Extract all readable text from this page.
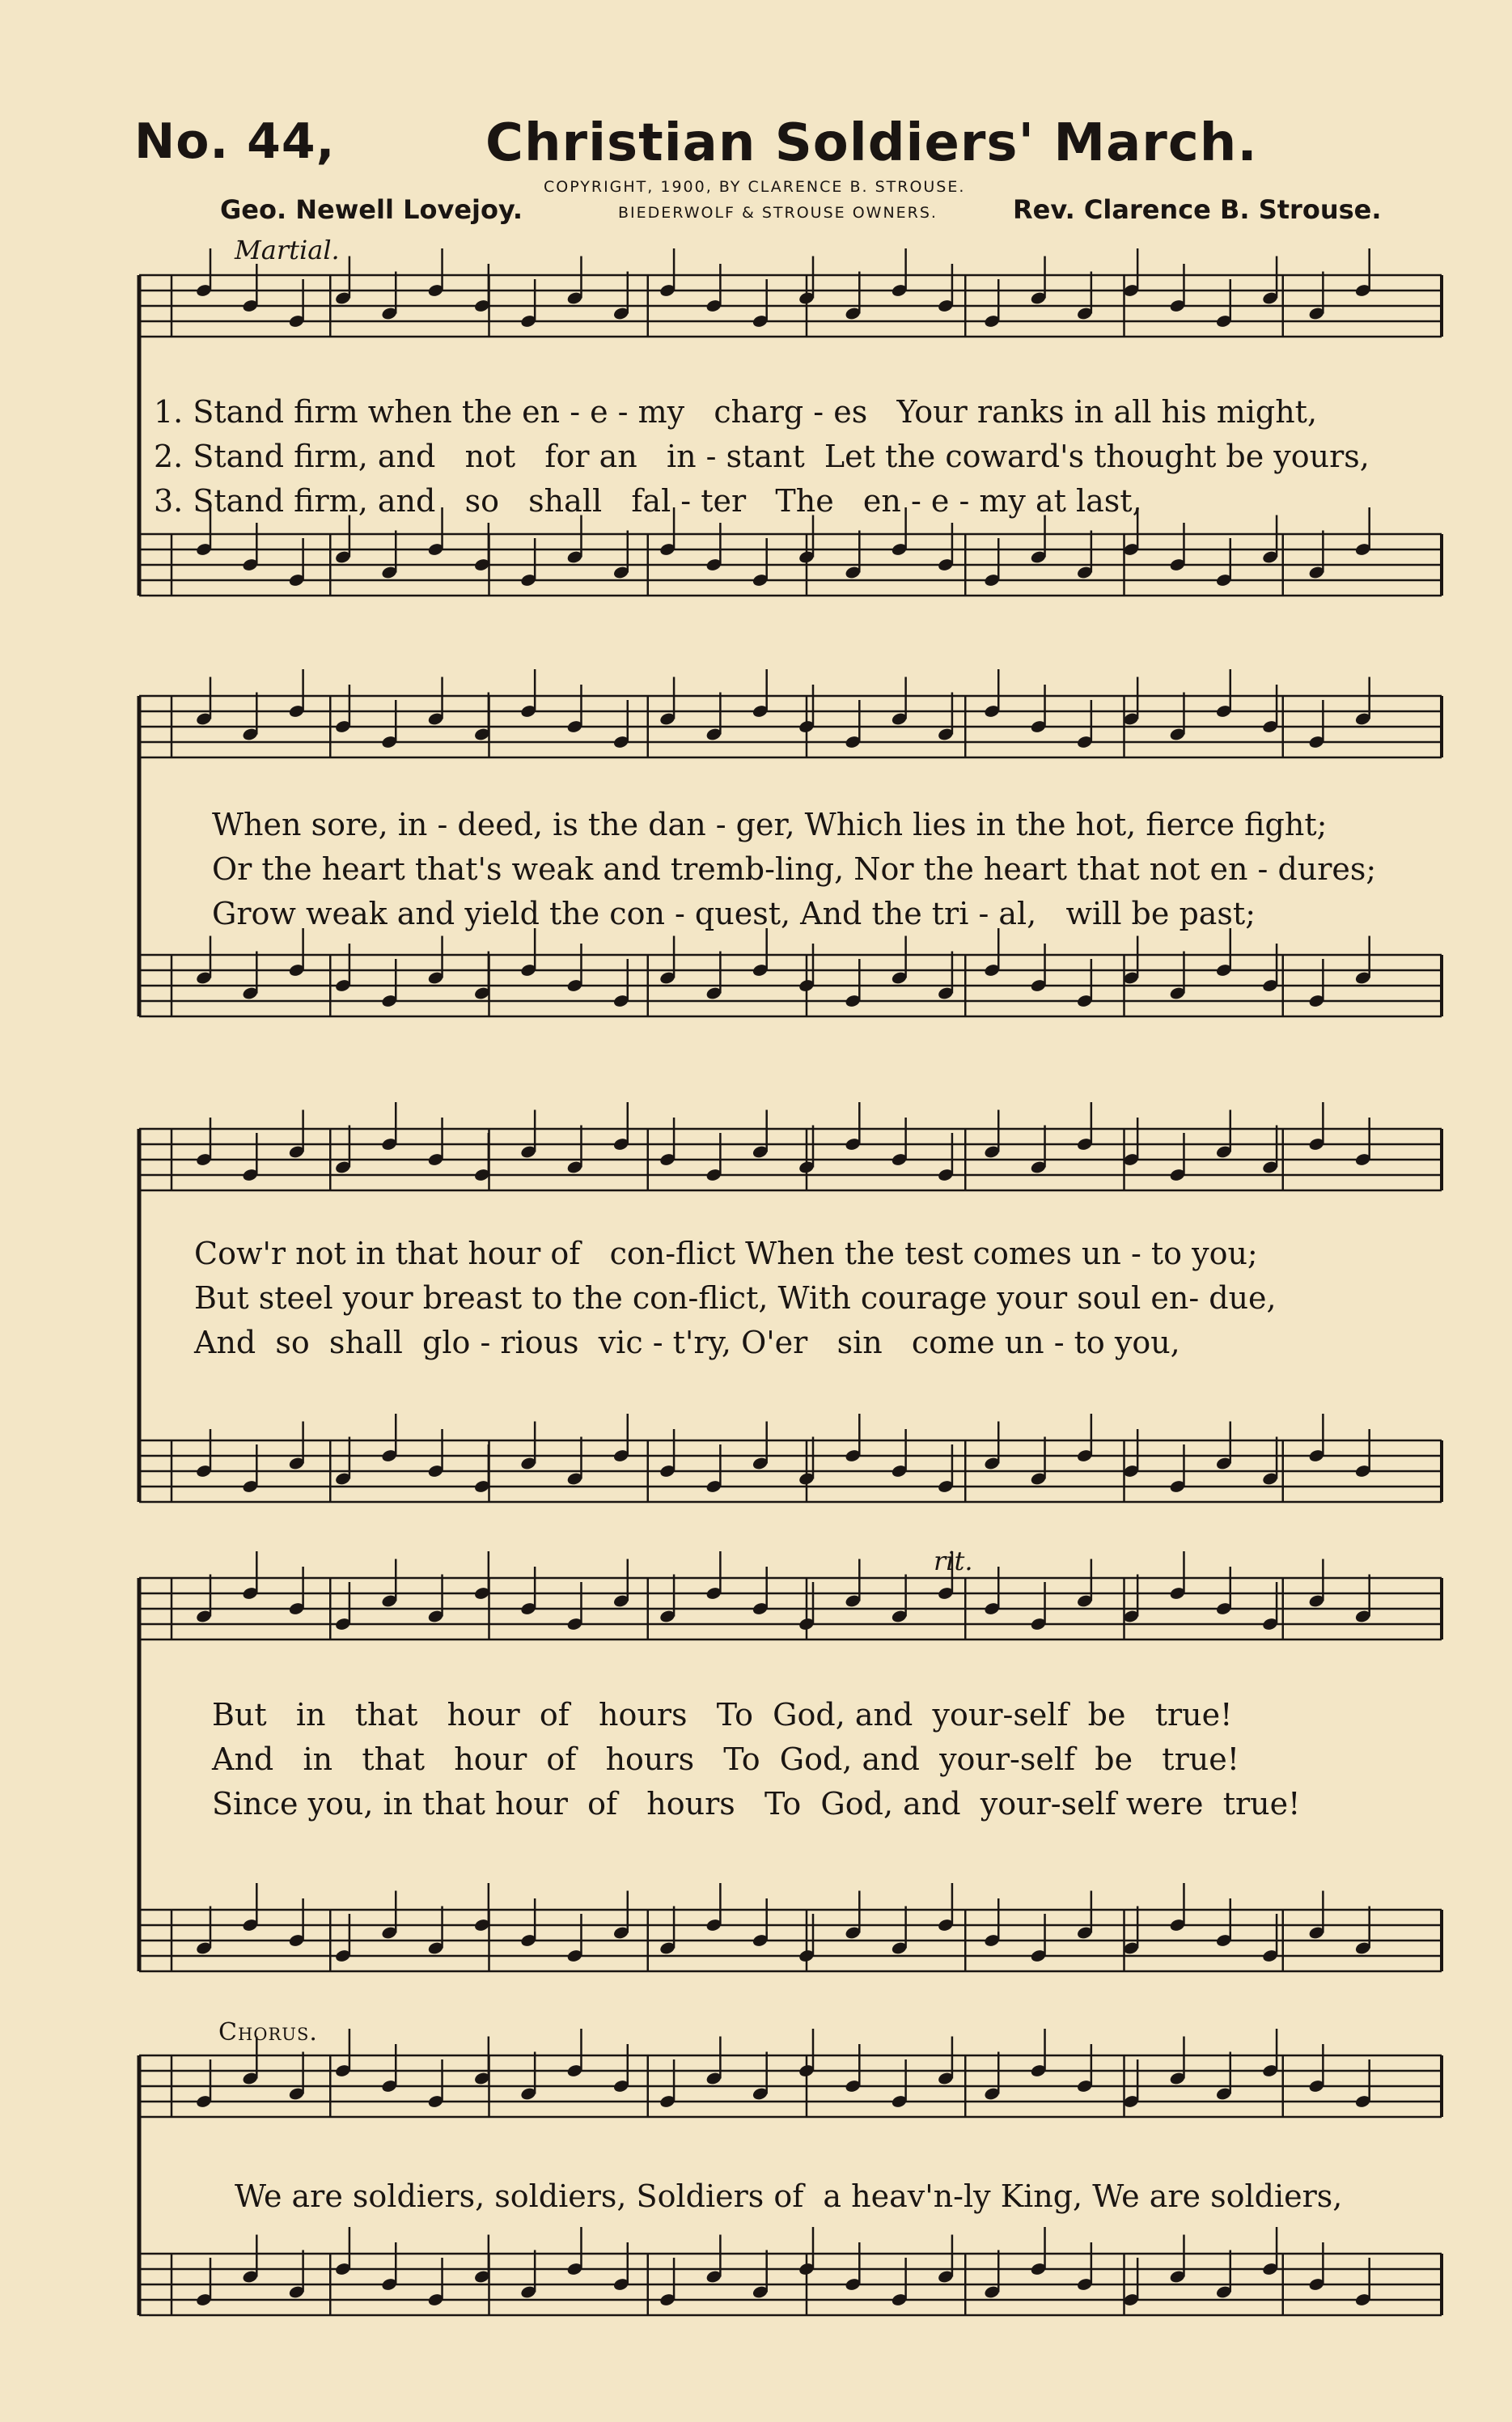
No. 44,	Christian Soldiers' March.
COPYRIGHT, 1900, BY CLARENCE B. STROUSE.
BIEDERWOLF & STROUSE OWNERS.
Geo. Newell Lovejoy.	Rev. Clarence B. Strouse.
Martial.
rit.
Chorus.
1. Stand firm when the en - e - my   charg - es   Your ranks in all his might,
2. Stand firm, and   not   for an   in - stant  Let the coward's thought be yours,
3. Stand firm, and   so   shall   fal - ter   The   en - e - my at last,
When sore, in - deed, is the dan - ger, Which lies in the hot, fierce fight;
Or the heart that's weak and tremb-ling, Nor the heart that not en - dures;
Grow weak and yield the con - quest, And the tri - al,   will be past;
Cow'r not in that hour of   con-flict When the test comes un - to you;
But steel your breast to the con-flict, With courage your soul en- due,
And  so  shall  glo - rious  vic - t'ry, O'er   sin   come un - to you,
But   in   that   hour  of   hours   To  God, and  your-self  be   true!
And   in   that   hour  of   hours   To  God, and  your-self  be   true!
Since you, in that hour  of   hours   To  God, and  your-self were  true!
We are soldiers, soldiers, Soldiers of  a heav'n-ly King, We are soldiers,
